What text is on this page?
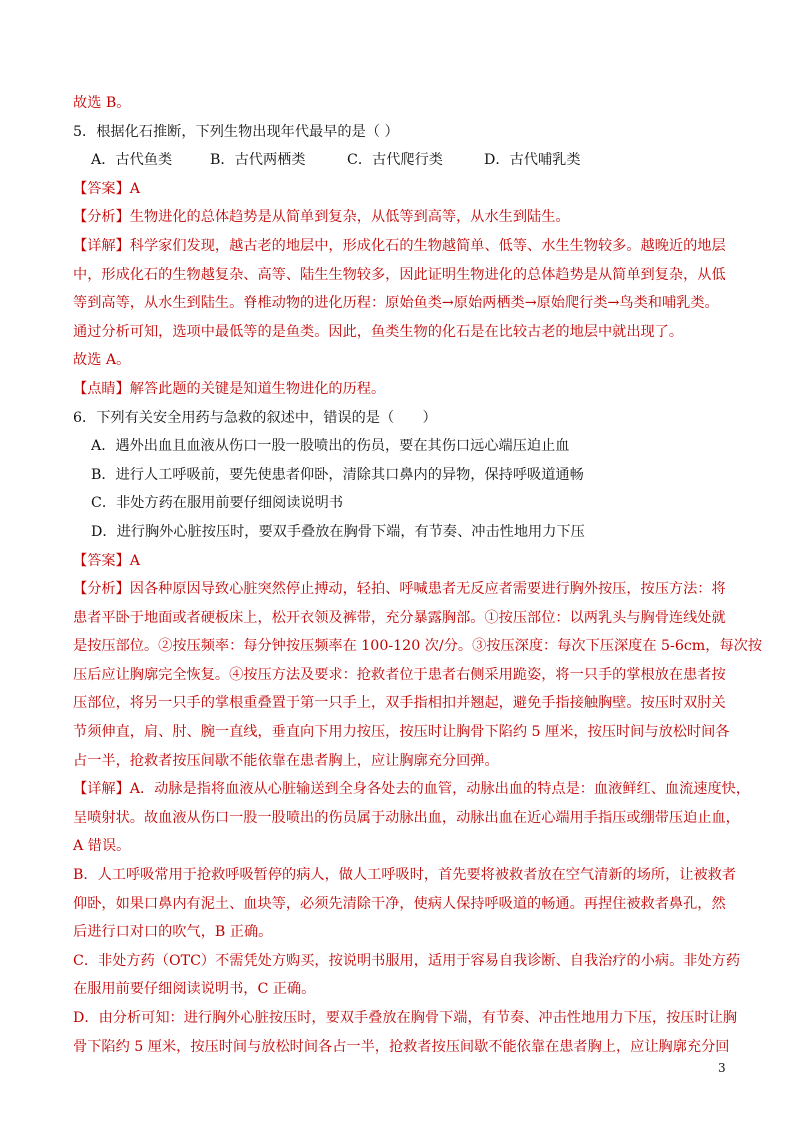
故选 B。
5．根据化石推断，下列生物出现年代最早的是（ ）
A．古代鱼类	B．古代两栖类	C．古代爬行类	D．古代哺乳类
【答案】A
【分析】生物进化的总体趋势是从简单到复杂，从低等到高等，从水生到陆生。
【详解】科学家们发现，越古老的地层中，形成化石的生物越简单、低等、水生生物较多。越晚近的地层
中，形成化石的生物越复杂、高等、陆生生物较多，因此证明生物进化的总体趋势是从简单到复杂，从低
等到高等，从水生到陆生。脊椎动物的进化历程：原始鱼类→原始两栖类→原始爬行类→鸟类和哺乳类。
通过分析可知，选项中最低等的是鱼类。因此，鱼类生物的化石是在比较古老的地层中就出现了。
故选 A。
【点睛】解答此题的关键是知道生物进化的历程。
6．下列有关安全用药与急救的叙述中，错误的是（　　）
A．遇外出血且血液从伤口一股一股喷出的伤员，要在其伤口远心端压迫止血
B．进行人工呼吸前，要先使患者仰卧，清除其口鼻内的异物，保持呼吸道通畅
C．非处方药在服用前要仔细阅读说明书
D．进行胸外心脏按压时，要双手叠放在胸骨下端，有节奏、冲击性地用力下压
【答案】A
【分析】因各种原因导致心脏突然停止搏动，轻拍、呼喊患者无反应者需要进行胸外按压，按压方法：将
患者平卧于地面或者硬板床上，松开衣领及裤带，充分暴露胸部。①按压部位：以两乳头与胸骨连线处就
是按压部位。②按压频率：每分钟按压频率在 100-120 次/分。③按压深度：每次下压深度在 5-6cm，每次按
压后应让胸廓完全恢复。④按压方法及要求：抢救者位于患者右侧采用跪姿，将一只手的掌根放在患者按
压部位，将另一只手的掌根重叠置于第一只手上，双手指相扣并翘起，避免手指接触胸壁。按压时双肘关
节须伸直，肩、肘、腕一直线，垂直向下用力按压，按压时让胸骨下陷约 5 厘米，按压时间与放松时间各
占一半，抢救者按压间歇不能依靠在患者胸上，应让胸廓充分回弹。
【详解】A．动脉是指将血液从心脏输送到全身各处去的血管，动脉出血的特点是：血液鲜红、血流速度快，
呈喷射状。故血液从伤口一股一股喷出的伤员属于动脉出血，动脉出血在近心端用手指压或绷带压迫止血，
A 错误。
B．人工呼吸常用于抢救呼吸暂停的病人，做人工呼吸时，首先要将被救者放在空气清新的场所，让被救者
仰卧，如果口鼻内有泥土、血块等，必须先清除干净，使病人保持呼吸道的畅通。再捏住被救者鼻孔，然
后进行口对口的吹气，B 正确。
C．非处方药（OTC）不需凭处方购买，按说明书服用，适用于容易自我诊断、自我治疗的小病。非处方药
在服用前要仔细阅读说明书，C 正确。
D．由分析可知：进行胸外心脏按压时，要双手叠放在胸骨下端，有节奏、冲击性地用力下压，按压时让胸
骨下陷约 5 厘米，按压时间与放松时间各占一半，抢救者按压间歇不能依靠在患者胸上，应让胸廓充分回
3
